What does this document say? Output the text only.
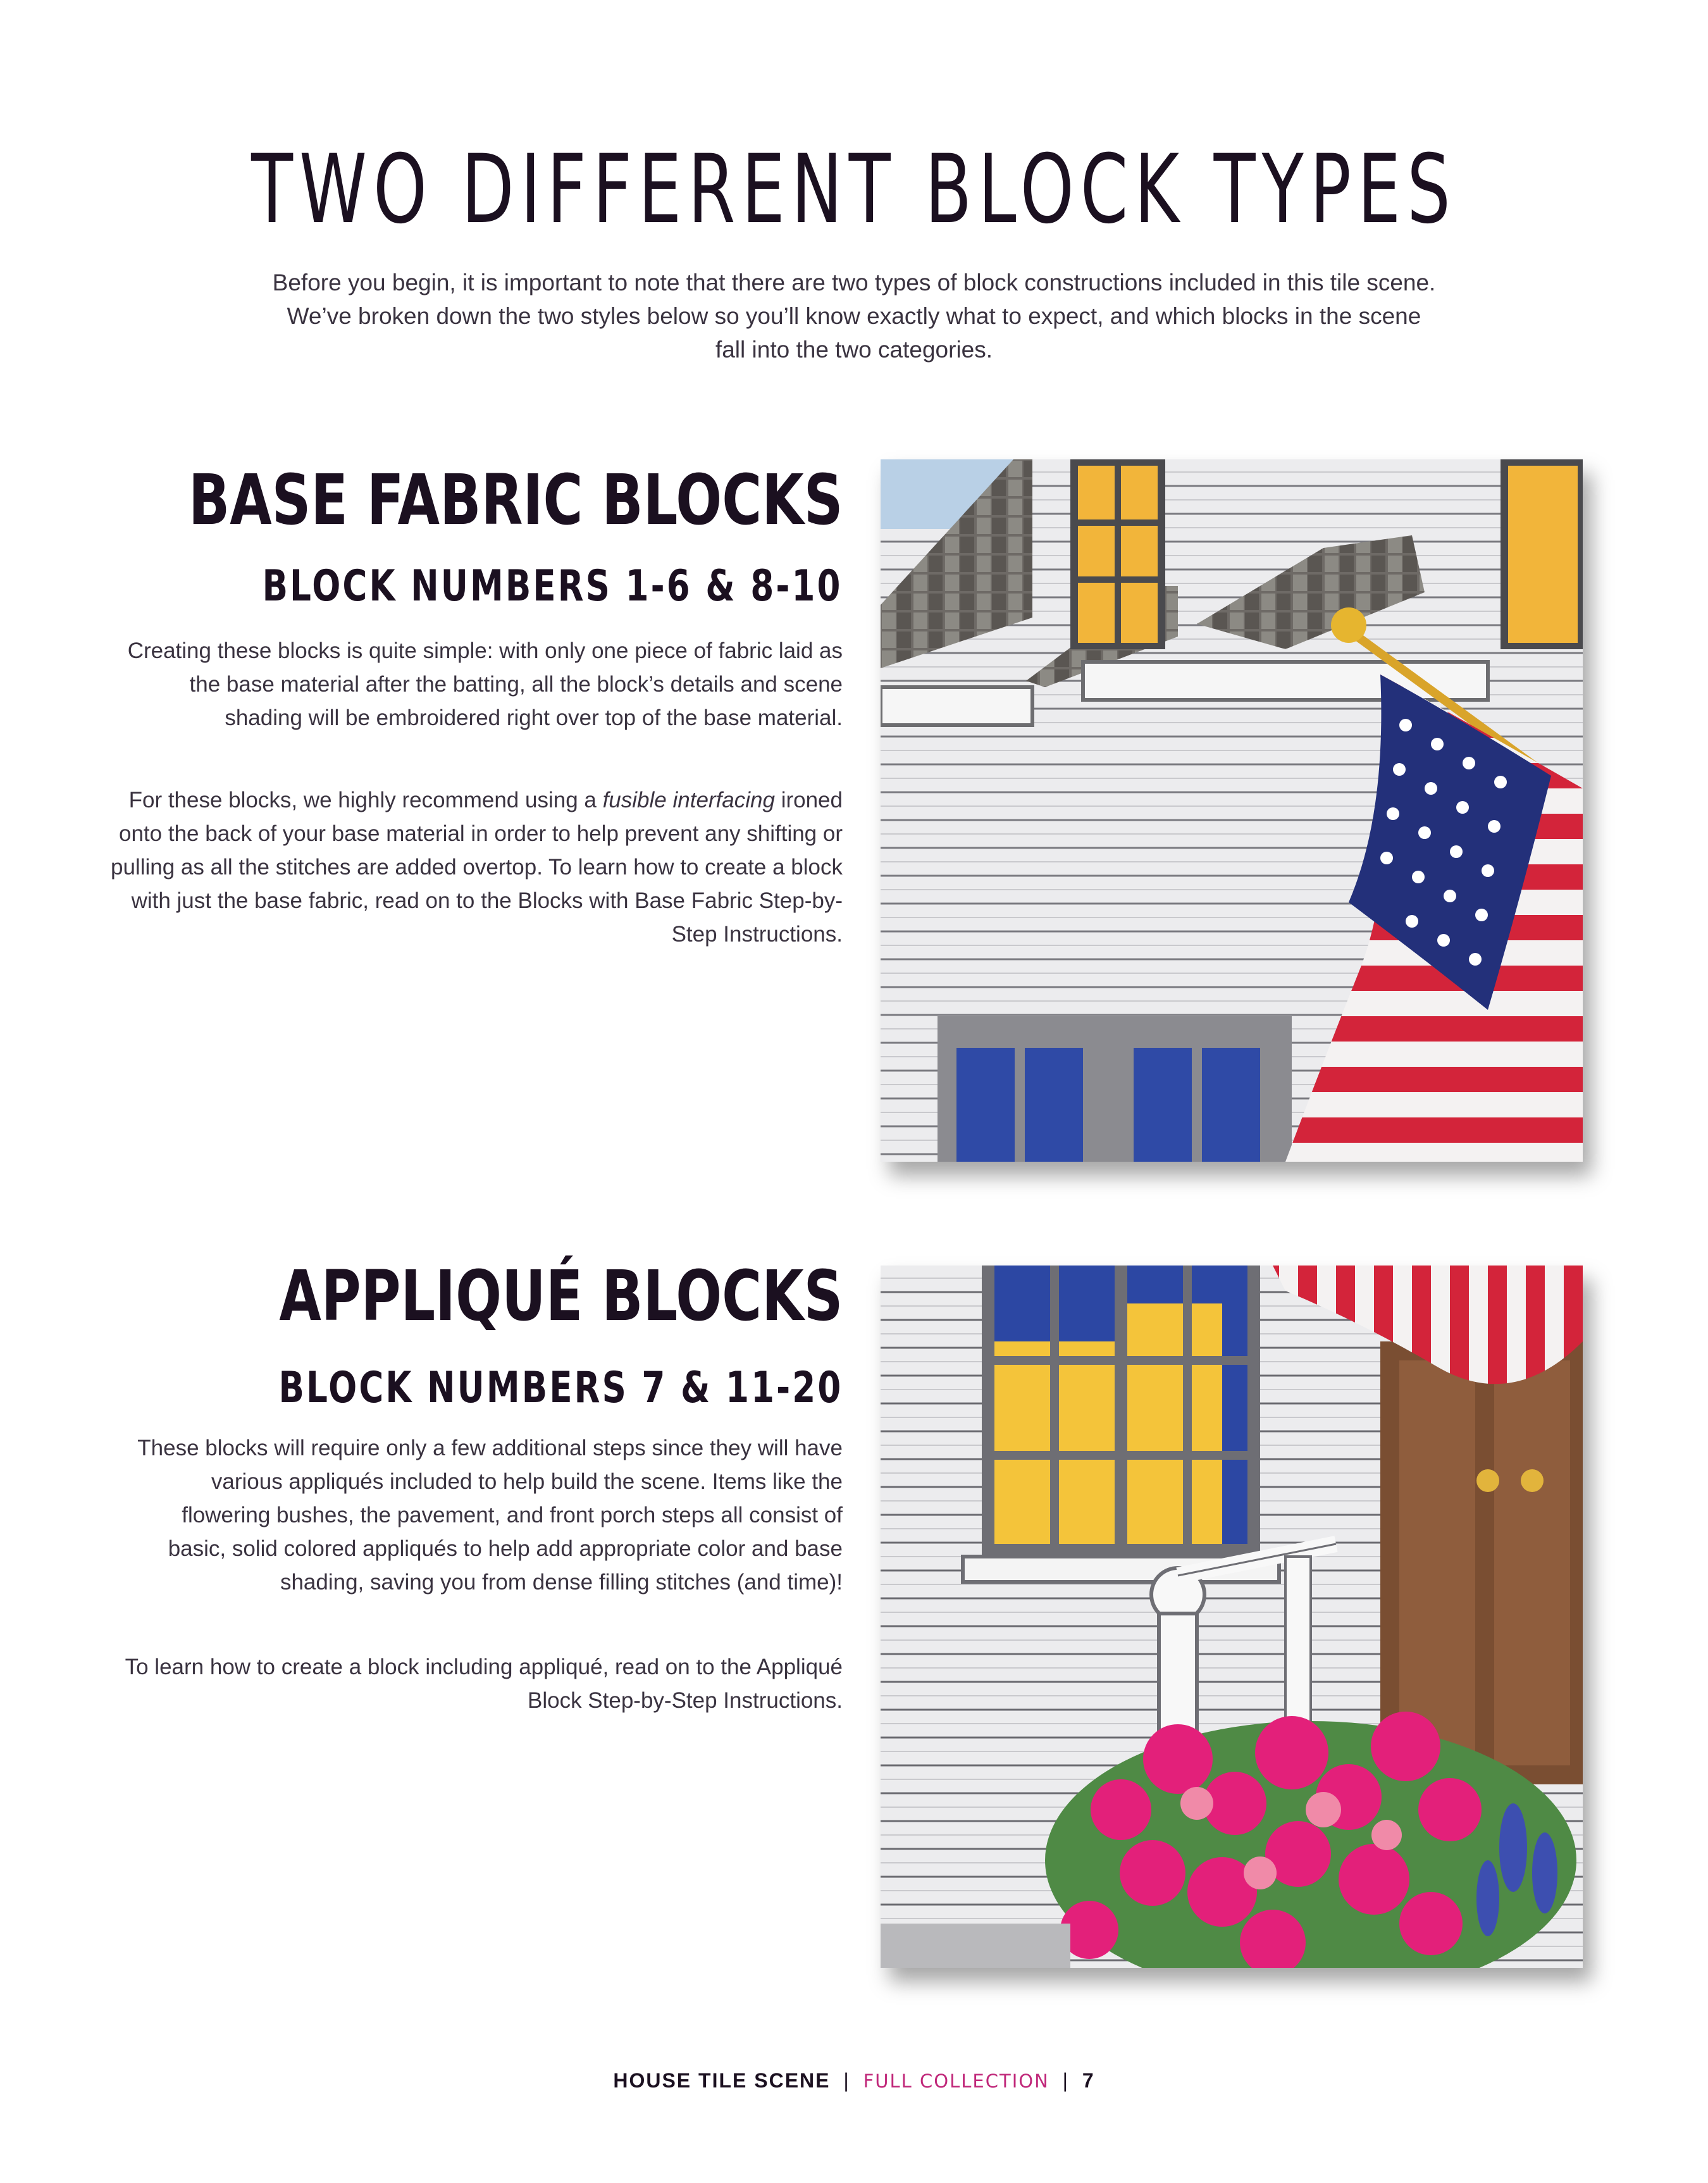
TWO DIFFERENT BLOCK TYPES

Before you begin, it is important to note that there are two types of block constructions included in this tile scene. We’ve broken down the two styles below so you’ll know exactly what to expect, and which blocks in the scene fall into the two categories.

BASE FABRIC BLOCKS
BLOCK NUMBERS 1-6 & 8-10

Creating these blocks is quite simple: with only one piece of fabric laid as the base material after the batting, all the block’s details and scene shading will be embroidered right over top of the base material.

For these blocks, we highly recommend using a fusible interfacing ironed onto the back of your base material in order to help prevent any shifting or pulling as all the stitches are added overtop. To learn how to create a block with just the base fabric, read on to the Blocks with Base Fabric Step-by-Step Instructions.

APPLIQUÉ BLOCKS
BLOCK NUMBERS 7 & 11-20

These blocks will require only a few additional steps since they will have various appliqués included to help build the scene. Items like the flowering bushes, the pavement, and front porch steps all consist of basic, solid colored appliqués to help add appropriate color and base shading, saving you from dense filling stitches (and time)!

To learn how to create a block including appliqué, read on to the Appliqué Block Step-by-Step Instructions.

HOUSE TILE SCENE | FULL COLLECTION | 7
